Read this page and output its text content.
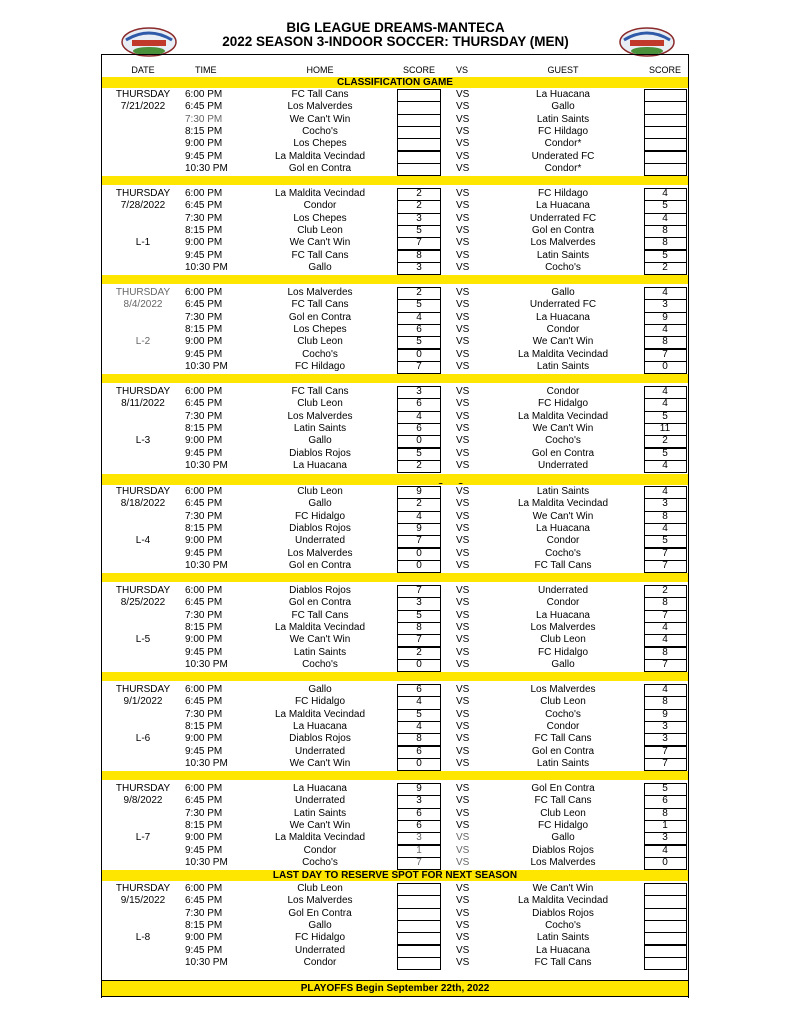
BIG LEAGUE DREAMS-MANTECA
2022 SEASON 3-INDOOR SOCCER: THURSDAY (MEN)
DATE	TIME	HOME	SCORE	VS	GUEST	SCORE
CLASSIFICATION GAME
LAST DAY TO RESERVE SPOT FOR NEXT SEASON
THURSDAY	6:00 PM	FC Tall Cans	VS	La Huacana
7/21/2022	6:45 PM	Los Malverdes	VS	Gallo
7:30 PM	We Can't Win	VS	Latin Saints
8:15 PM	Cocho's	VS	FC Hildago
9:00 PM	Los Chepes	VS	Condor*
9:45 PM	La Maldita Vecindad	VS	Underated FC
10:30 PM	Gol en Contra	VS	Condor*
THURSDAY	6:00 PM	La Maldita Vecindad	2	VS	FC Hildago	4
7/28/2022	6:45 PM	Condor	2	VS	La Huacana	5
7:30 PM	Los Chepes	3	VS	Underrated FC	4
8:15 PM	Club Leon	5	VS	Gol en Contra	8
L-1	9:00 PM	We Can't Win	7	VS	Los Malverdes	8
9:45 PM	FC Tall Cans	8	VS	Latin Saints	5
10:30 PM	Gallo	3	VS	Cocho's	2
THURSDAY	6:00 PM	Los Malverdes	2	VS	Gallo	4
8/4/2022	6:45 PM	FC Tall Cans	5	VS	Underrated FC	3
7:30 PM	Gol en Contra	4	VS	La Huacana	9
8:15 PM	Los Chepes	6	VS	Condor	4
L-2	9:00 PM	Club Leon	5	VS	We Can't Win	8
9:45 PM	Cocho's	0	VS	La Maldita Vecindad	7
10:30 PM	FC Hildago	7	VS	Latin Saints	0
THURSDAY	6:00 PM	FC Tall Cans	3	VS	Condor	4
8/11/2022	6:45 PM	Club Leon	6	VS	FC Hidalgo	4
7:30 PM	Los Malverdes	4	VS	La Maldita Vecindad	5
8:15 PM	Latin Saints	6	VS	We Can't Win	11
L-3	9:00 PM	Gallo	0	VS	Cocho's	2
9:45 PM	Diablos Rojos	5	VS	Gol en Contra	5
10:30 PM	La Huacana	2	VS	Underrated	4
THURSDAY	6:00 PM	Club Leon	9	VS	Latin Saints	4
8/18/2022	6:45 PM	Gallo	2	VS	La Maldita Vecindad	3
7:30 PM	FC Hidalgo	4	VS	We Can't Win	8
8:15 PM	Diablos Rojos	9	VS	La Huacana	4
L-4	9:00 PM	Underrated	7	VS	Condor	5
9:45 PM	Los Malverdes	0	VS	Cocho's	7
10:30 PM	Gol en Contra	0	VS	FC Tall Cans	7
THURSDAY	6:00 PM	Diablos Rojos	7	VS	Underrated	2
8/25/2022	6:45 PM	Gol en Contra	3	VS	Condor	8
7:30 PM	FC Tall Cans	5	VS	La Huacana	7
8:15 PM	La Maldita Vecindad	8	VS	Los Malverdes	4
L-5	9:00 PM	We Can't Win	7	VS	Club Leon	4
9:45 PM	Latin Saints	2	VS	FC Hidalgo	8
10:30 PM	Cocho's	0	VS	Gallo	7
THURSDAY	6:00 PM	Gallo	6	VS	Los Malverdes	4
9/1/2022	6:45 PM	FC Hidalgo	4	VS	Club Leon	8
7:30 PM	La Maldita Vecindad	5	VS	Cocho's	9
8:15 PM	La Huacana	4	VS	Condor	3
L-6	9:00 PM	Diablos Rojos	8	VS	FC Tall Cans	3
9:45 PM	Underrated	6	VS	Gol en Contra	7
10:30 PM	We Can't Win	0	VS	Latin Saints	7
THURSDAY	6:00 PM	La Huacana	9	VS	Gol En Contra	5
9/8/2022	6:45 PM	Underrated	3	VS	FC Tall Cans	6
7:30 PM	Latin Saints	6	VS	Club Leon	8
8:15 PM	We Can't Win	6	VS	FC Hidalgo	1
L-7	9:00 PM	La Maldita Vecindad	3	VS	Gallo	3
9:45 PM	Condor	1	VS	Diablos Rojos	4
10:30 PM	Cocho's	7	VS	Los Malverdes	0
THURSDAY	6:00 PM	Club Leon	VS	We Can't Win
9/15/2022	6:45 PM	Los Malverdes	VS	La Maldita Vecindad
7:30 PM	Gol En Contra	VS	Diablos Rojos
8:15 PM	Gallo	VS	Cocho's
L-8	9:00 PM	FC Hidalgo	VS	Latin Saints
9:45 PM	Underrated	VS	La Huacana
10:30 PM	Condor	VS	FC Tall Cans
PLAYOFFS Begin September 22th, 2022
